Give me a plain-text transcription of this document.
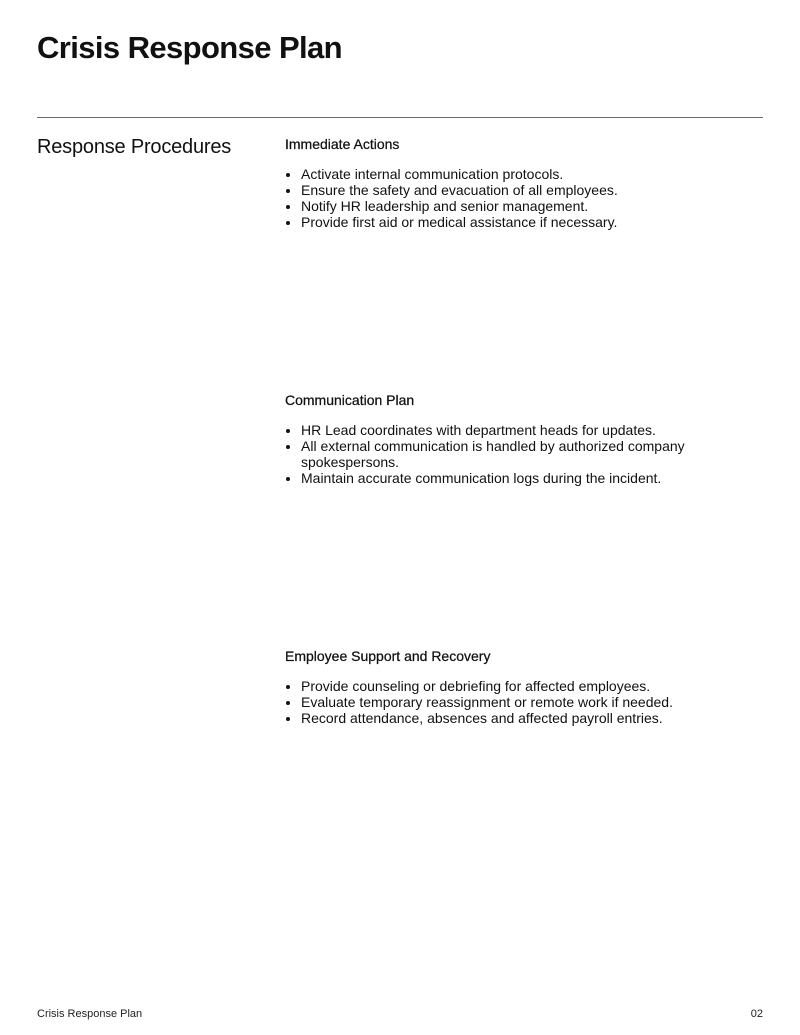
Crisis Response Plan
Response Procedures	Immediate Actions
• Activate internal communication protocols.
• Ensure the safety and evacuation of all employees.
• Notify HR leadership and senior management.
• Provide first aid or medical assistance if necessary.
Communication Plan
• HR Lead coordinates with department heads for updates.
• All external communication is handled by authorized company spokespersons.
• Maintain accurate communication logs during the incident.
Employee Support and Recovery
• Provide counseling or debriefing for affected employees.
• Evaluate temporary reassignment or remote work if needed.
• Record attendance, absences and affected payroll entries.
Crisis Response Plan	02
